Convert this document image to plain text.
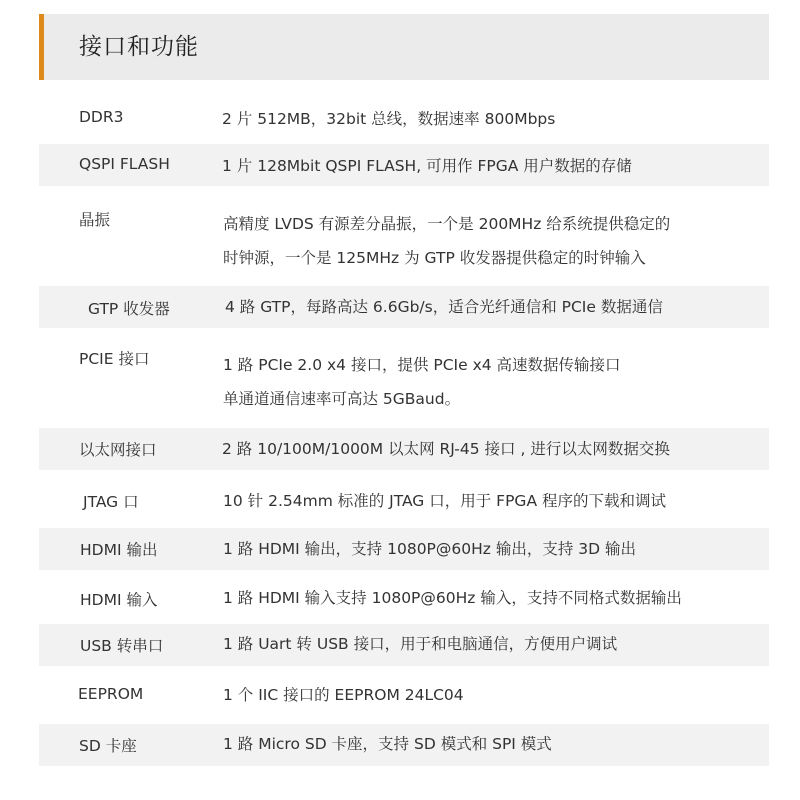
接口和功能
DDR3	2 片 512MB，32bit 总线，数据速率 800Mbps
QSPI FLASH	1 片 128Mbit QSPI FLASH, 可用作 FPGA 用户数据的存储
晶振	高精度 LVDS 有源差分晶振，一个是 200MHz 给系统提供稳定的
时钟源，一个是 125MHz 为 GTP 收发器提供稳定的时钟输入
GTP 收发器	4 路 GTP，每路高达 6.6Gb/s，适合光纤通信和 PCIe 数据通信
PCIE 接口	1 路 PCIe 2.0 x4 接口，提供 PCIe x4 高速数据传输接口
单通道通信速率可高达 5GBaud。
以太网接口	2 路 10/100M/1000M 以太网 RJ-45 接口 , 进行以太网数据交换
JTAG 口	10 针 2.54mm 标准的 JTAG 口，用于 FPGA 程序的下载和调试
HDMI 输出	1 路 HDMI 输出，支持 1080P@60Hz 输出，支持 3D 输出
HDMI 输入	1 路 HDMI 输入支持 1080P@60Hz 输入，支持不同格式数据输出
USB 转串口	1 路 Uart 转 USB 接口，用于和电脑通信，方便用户调试
EEPROM	1 个 IIC 接口的 EEPROM 24LC04
SD 卡座	1 路 Micro SD 卡座，支持 SD 模式和 SPI 模式
